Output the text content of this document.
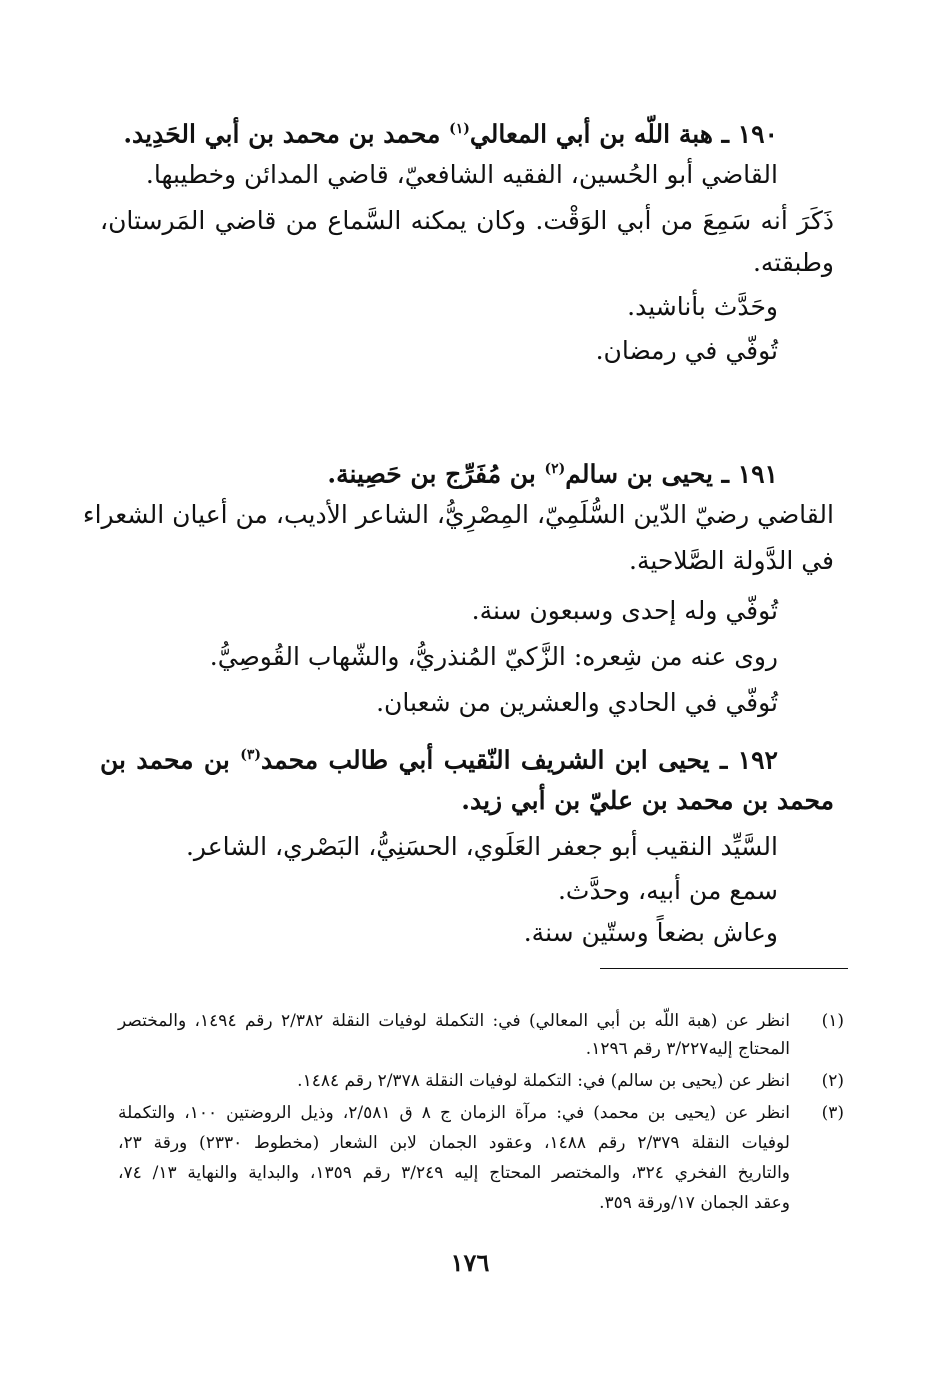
١٩٠ ـ هبة اللّه بن أبي المعالي$^{(١)}$ محمد بن محمد بن أبي الحَدِيد.
القاضي أبو الحُسين، الفقيه الشافعيّ، قاضي المدائن وخطيبها.
ذَكَرَ أنه سَمِعَ من أبي الوَقْت. وكان يمكنه السَّماع من قاضي المَرستان،
وطبقته.
وحَدَّث بأناشيد.
تُوفّي في رمضان.
١٩١ ـ يحيى بن سالم$^{(٢)}$ بن مُفَرِّج بن حَصِينة.
القاضي رضيّ الدّين السُّلَمِيّ، المِصْرِيُّ، الشاعر الأديب، من أعيان الشعراء
في الدَّولة الصَّلاحية.
تُوفّي وله إحدى وسبعون سنة.
روى عنه من شِعره: الزَّكيّ المُنذريُّ، والشّهاب القُوصِيُّ.
تُوفّي في الحادي والعشرين من شعبان.
١٩٢ ـ يحيى ابن الشريف النّقيب أبي طالب محمد$^{(٣)}$ بن محمد بن
محمد بن محمد بن عليّ بن أبي زيد.
السَّيِّد النقيب أبو جعفر العَلَوي، الحسَنِيُّ، البَصْري، الشاعر.
سمع من أبيه، وحدَّث.
وعاش بضعاً وستّين سنة.
(١)
انظر عن (هبة اللّه بن أبي المعالي) في: التكملة لوفيات النقلة ٢/٣٨٢ رقم ١٤٩٤، والمختصر
المحتاج إليه٣/٢٢٧ رقم ١٢٩٦.
(٢)
انظر عن (يحيى بن سالم) في: التكملة لوفيات النقلة ٢/٣٧٨ رقم ١٤٨٤.
(٣)
انظر عن (يحيى بن محمد) في: مرآة الزمان ج ٨ ق ٢/٥٨١، وذيل الروضتين ١٠٠، والتكملة
لوفيات النقلة ٢/٣٧٩ رقم ١٤٨٨، وعقود الجمان لابن الشعار (مخطوط ٢٣٣٠) ورقة ٢٣،
والتاريخ الفخري ٣٢٤، والمختصر المحتاج إليه ٣/٢٤٩ رقم ١٣٥٩، والبداية والنهاية ١٣/ ٧٤،
وعقد الجمان ١٧/ورقة ٣٥٩.
١٧٦
